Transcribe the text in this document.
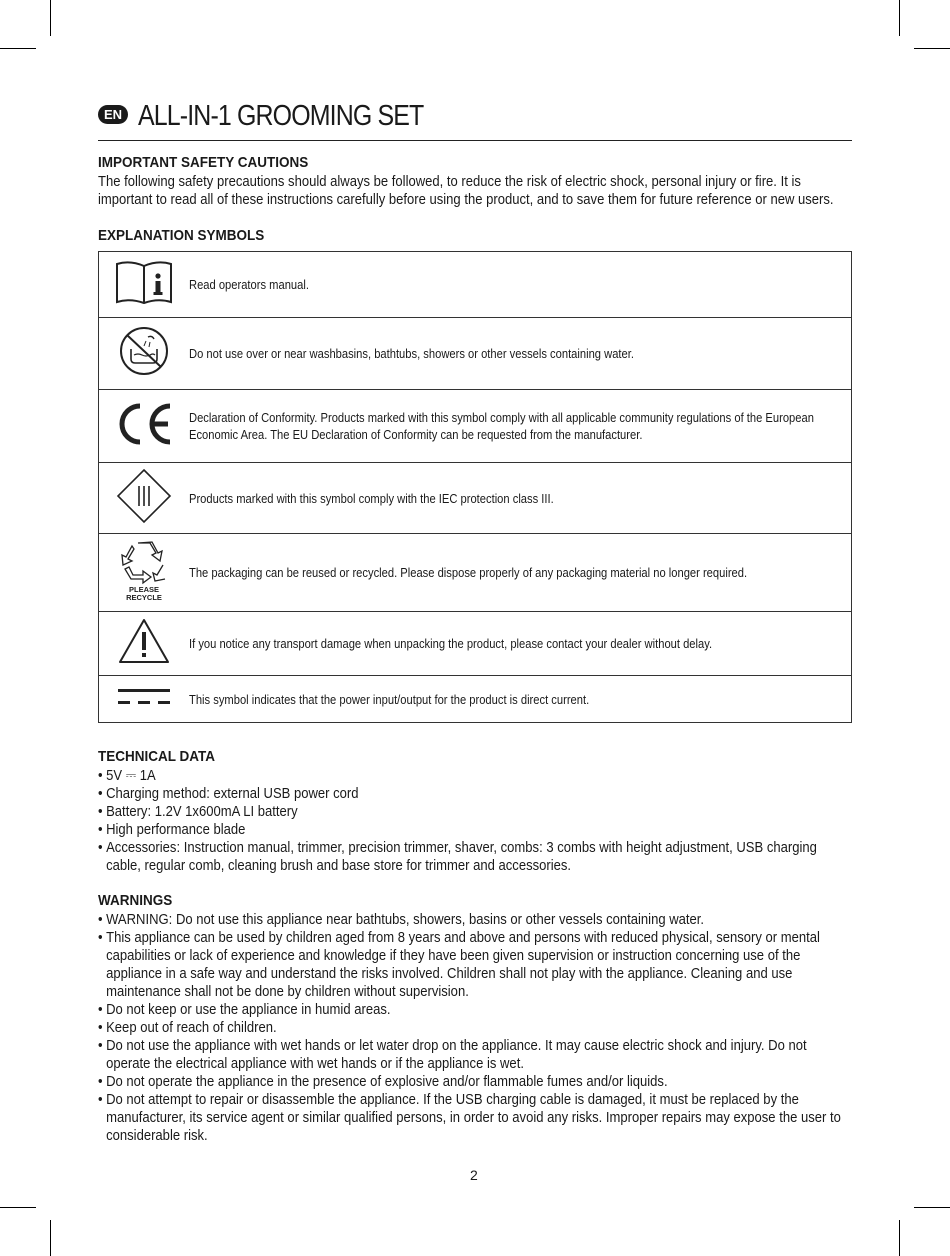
EN ALL-IN-1 GROOMING SET
IMPORTANT SAFETY CAUTIONS
The following safety precautions should always be followed, to reduce the risk of electric shock, personal injury or fire. It is important to read all of these instructions carefully before using the product, and to save them for future reference or new users.
EXPLANATION SYMBOLS
	Read operators manual.
	Do not use over or near washbasins, bathtubs, showers or other vessels containing water.
	Declaration of Conformity. Products marked with this symbol comply with all applicable community regulations of the European Economic Area. The EU Declaration of Conformity can be requested from the manufacturer.
	Products marked with this symbol comply with the IEC protection class III.

PLEASE
RECYCLE	The packaging can be reused or recycled. Please dispose properly of any packaging material no longer required.
	If you notice any transport damage when unpacking the product, please contact your dealer without delay.
	This symbol indicates that the power input/output for the product is direct current.
TECHNICAL DATA
• 5V ⎓ 1A
• Charging method: external USB power cord
• Battery: 1.2V 1x600mA LI battery
• High performance blade
• Accessories: Instruction manual, trimmer, precision trimmer, shaver, combs: 3 combs with height adjustment, USB charging cable, regular comb, cleaning brush and base store for trimmer and accessories.
WARNINGS
• WARNING: Do not use this appliance near bathtubs, showers, basins or other vessels containing water.
• This appliance can be used by children aged from 8 years and above and persons with reduced physical, sensory or mental capabilities or lack of experience and knowledge if they have been given supervision or instruction concerning use of the appliance in a safe way and understand the risks involved. Children shall not play with the appliance. Cleaning and use maintenance shall not be done by children without supervision.
• Do not keep or use the appliance in humid areas.
• Keep out of reach of children.
• Do not use the appliance with wet hands or let water drop on the appliance. It may cause electric shock and injury. Do not operate the electrical appliance with wet hands or if the appliance is wet.
• Do not operate the appliance in the presence of explosive and/or flammable fumes and/or liquids.
• Do not attempt to repair or disassemble the appliance. If the USB charging cable is damaged, it must be replaced by the manufacturer, its service agent or similar qualified persons, in order to avoid any risks. Improper repairs may expose the user to considerable risk.
2
